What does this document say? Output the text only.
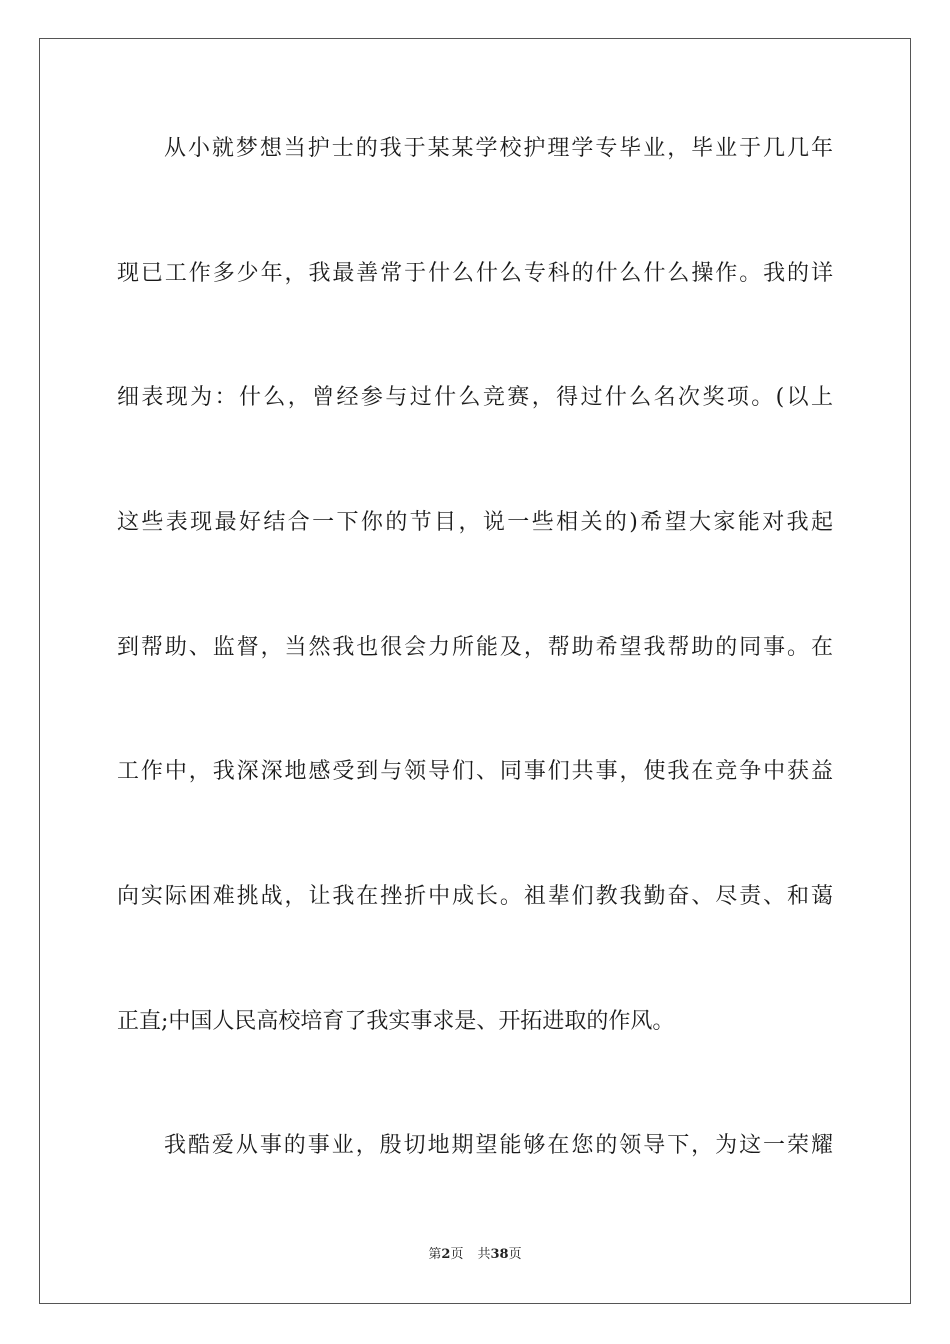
从小就梦想当护士的我于某某学校护理学专毕业，毕业于几几年
现已工作多少年，我最善常于什么什么专科的什么什么操作。我的详
细表现为：什么，曾经参与过什么竞赛，得过什么名次奖项。(以上
这些表现最好结合一下你的节目，说一些相关的)希望大家能对我起
到帮助、监督，当然我也很会力所能及，帮助希望我帮助的同事。在
工作中，我深深地感受到与领导们、同事们共事，使我在竞争中获益
向实际困难挑战，让我在挫折中成长。祖辈们教我勤奋、尽责、和蔼
正直;中国人民高校培育了我实事求是、开拓进取的作风。
我酷爱从事的事业，殷切地期望能够在您的领导下，为这一荣耀
第2页 共38页
